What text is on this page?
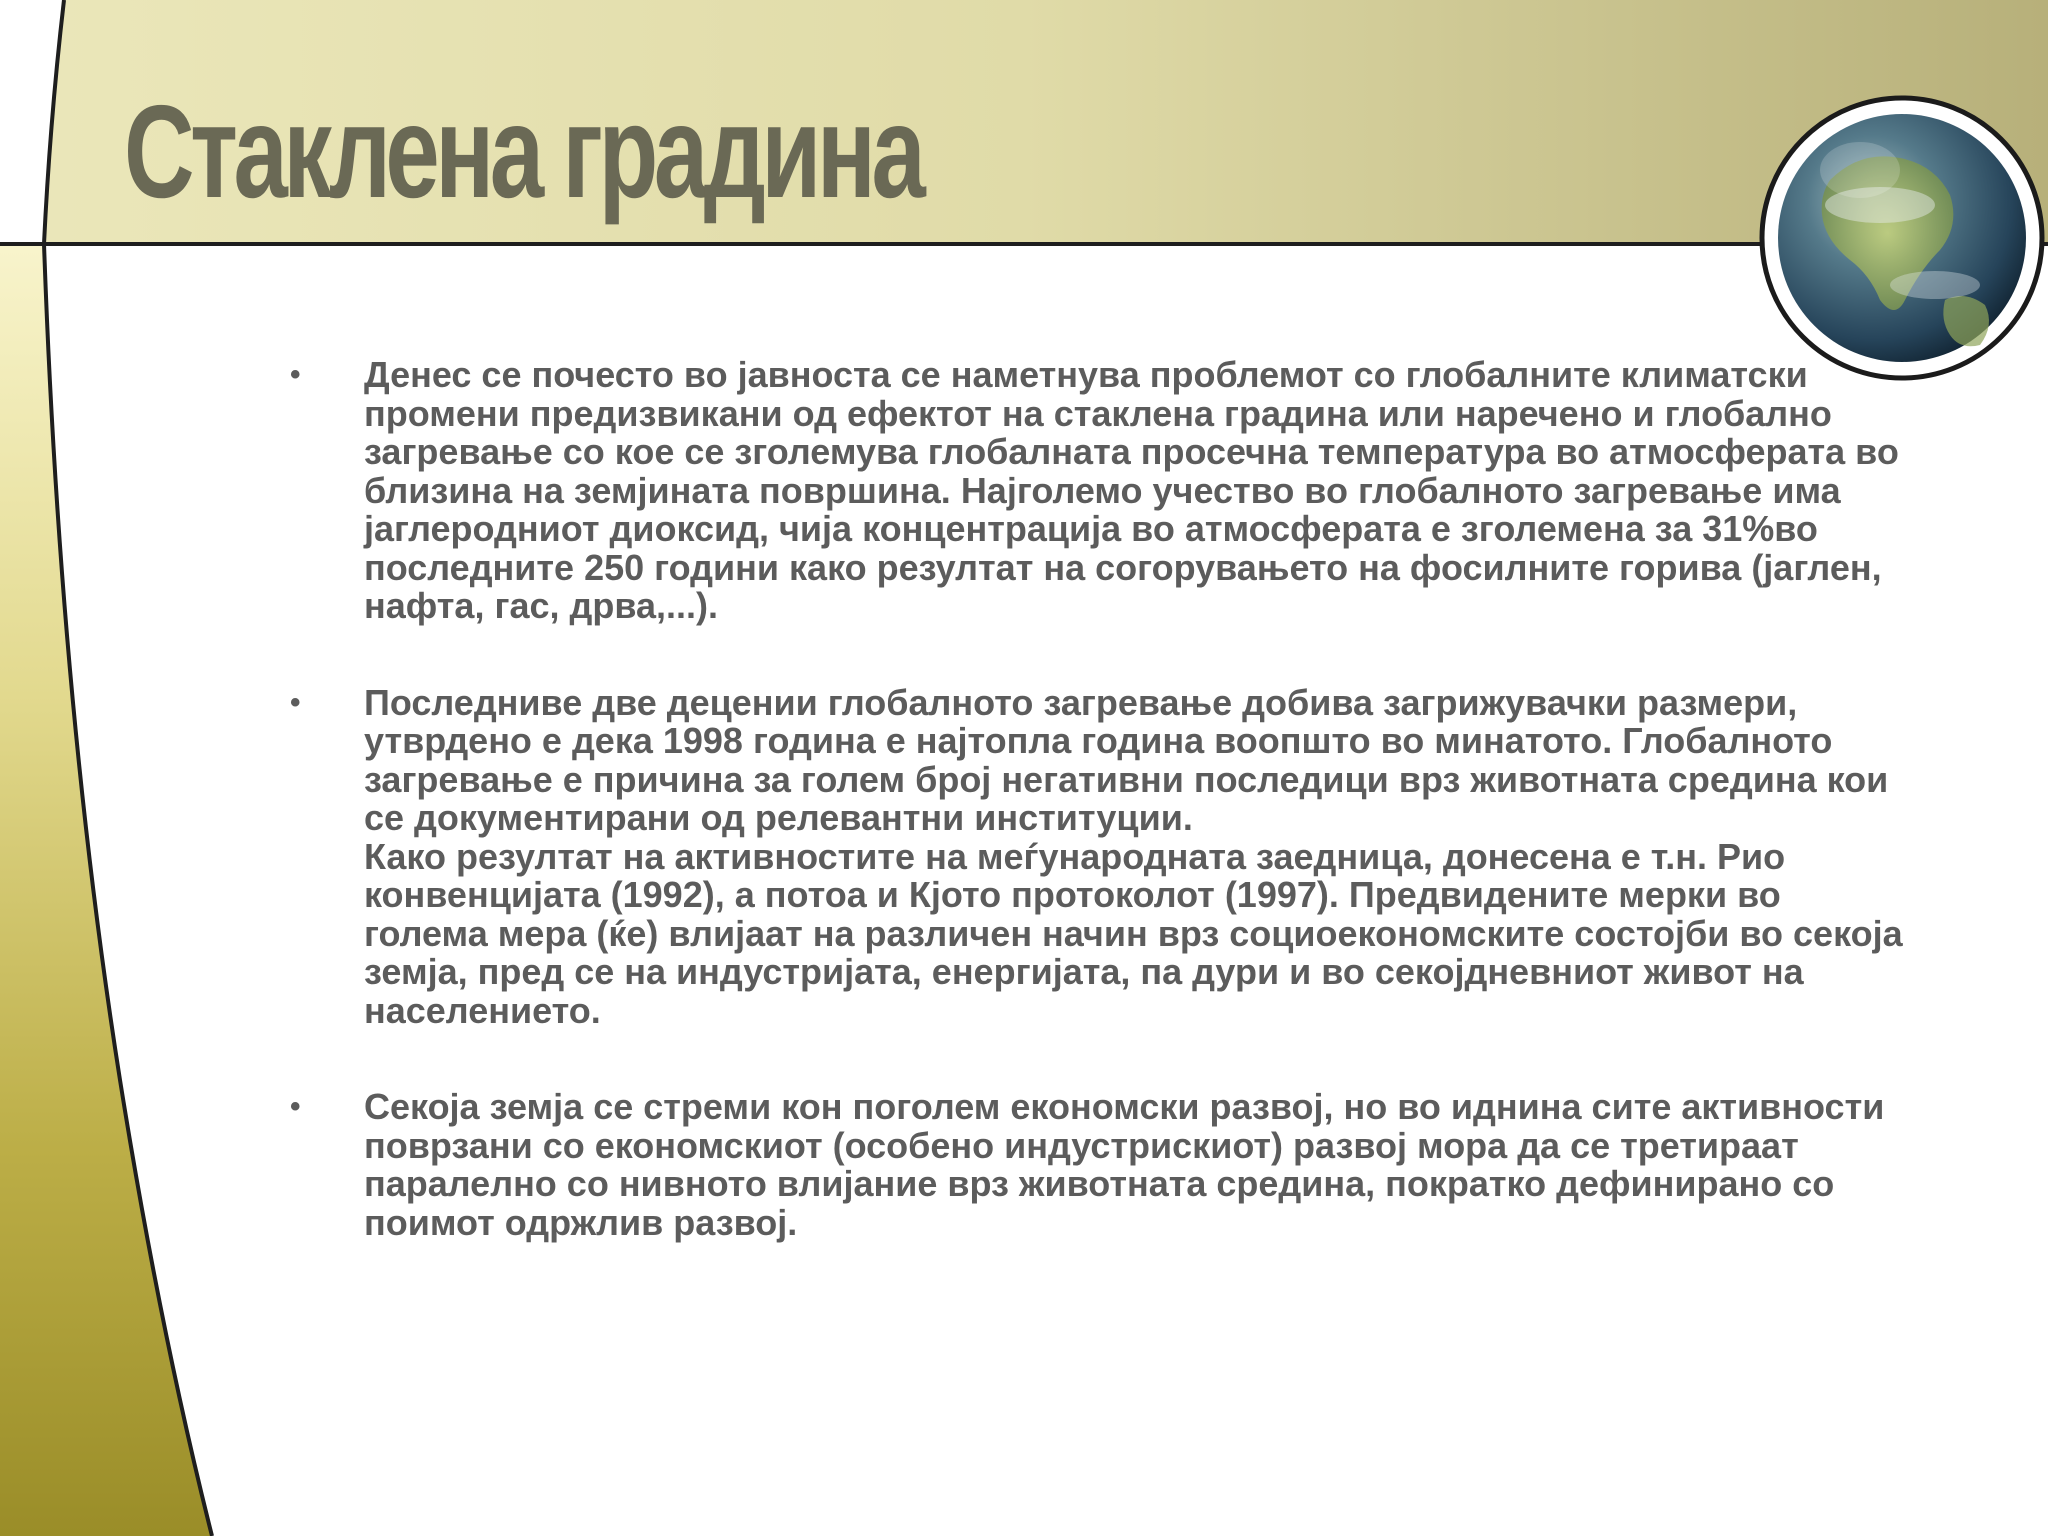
Стаклена градина
• Денес се почесто во јавноста се наметнува проблемот со глобалните климатски промени предизвикани од ефектот на стаклена градина или наречено и глобално загревање со кое се зголемува глобалната просечна температура во атмосферата во близина на земјината површина. Најголемо учество во глобалното загревање има јаглеродниот диоксид, чија концентрација во атмосферата е зголемена за 31%во последните 250 години како резултат на согорувањето на фосилните горива (јаглен, нафта, гас, дрва,...).

• Последниве две децении глобалното загревање добива загрижувачки размери, утврдено е дека 1998 година е најтопла година воопшто во минатото. Глобалното загревање е причина за голем број негативни последици врз животната средина кои се документирани од релевантни институции.

Како резултат на активностите на меѓународната заедница, донесена е т.н. Рио конвенцијата (1992), а потоа и Кјото протоколот (1997). Предвидените мерки во голема мера (ќе) влијаат на различен начин врз социоекономските состојби во секоја земја, пред се на индустријата, енергијата, па дури и во секојдневниот живот на населението.

• Секоја земја се стреми кон поголем економски развој, но во иднина сите активности поврзани со економскиот (особено индустрискиот) развој мора да се третираат паралелно со нивното влијание врз животната средина, пократко дефинирано со поимот одржлив развој.
